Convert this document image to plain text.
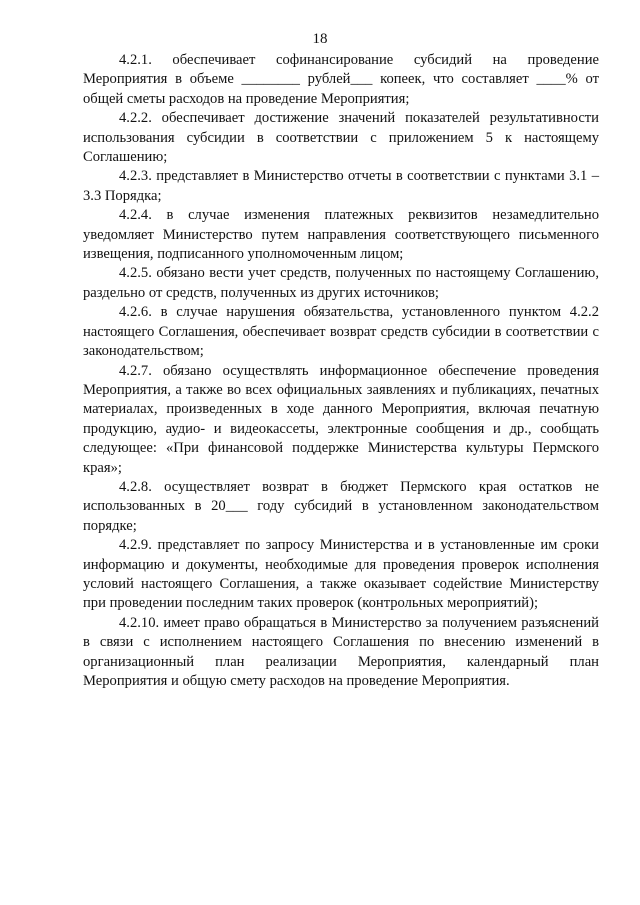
18

4.2.1. обеспечивает софинансирование субсидий на проведение Мероприятия в объеме ________ рублей___ копеек, что составляет ____% от общей сметы расходов на проведение Мероприятия;

4.2.2. обеспечивает достижение значений показателей результативности использования субсидии в соответствии с приложением 5 к настоящему Соглашению;

4.2.3. представляет в Министерство отчеты в соответствии с пунктами 3.1 – 3.3 Порядка;

4.2.4. в случае изменения платежных реквизитов незамедлительно уведомляет Министерство путем направления соответствующего письменного извещения, подписанного уполномоченным лицом;

4.2.5. обязано вести учет средств, полученных по настоящему Соглашению, раздельно от средств, полученных из других источников;

4.2.6. в случае нарушения обязательства, установленного пунктом 4.2.2 настоящего Соглашения, обеспечивает возврат средств субсидии в соответствии с законодательством;

4.2.7. обязано осуществлять информационное обеспечение проведения Мероприятия, а также во всех официальных заявлениях и публикациях, печатных материалах, произведенных в ходе данного Мероприятия, включая печатную продукцию, аудио- и видеокассеты, электронные сообщения и др., сообщать следующее: «При финансовой поддержке Министерства культуры Пермского края»;

4.2.8. осуществляет возврат в бюджет Пермского края остатков не использованных в 20___ году субсидий в установленном законодательством порядке;

4.2.9. представляет по запросу Министерства и в установленные им сроки информацию и документы, необходимые для проведения проверок исполнения условий настоящего Соглашения, а также оказывает содействие Министерству при проведении последним таких проверок (контрольных мероприятий);

4.2.10. имеет право обращаться в Министерство за получением разъяснений в связи с исполнением настоящего Соглашения по внесению изменений в организационный план реализации Мероприятия, календарный план Мероприятия и общую смету расходов на проведение Мероприятия.
